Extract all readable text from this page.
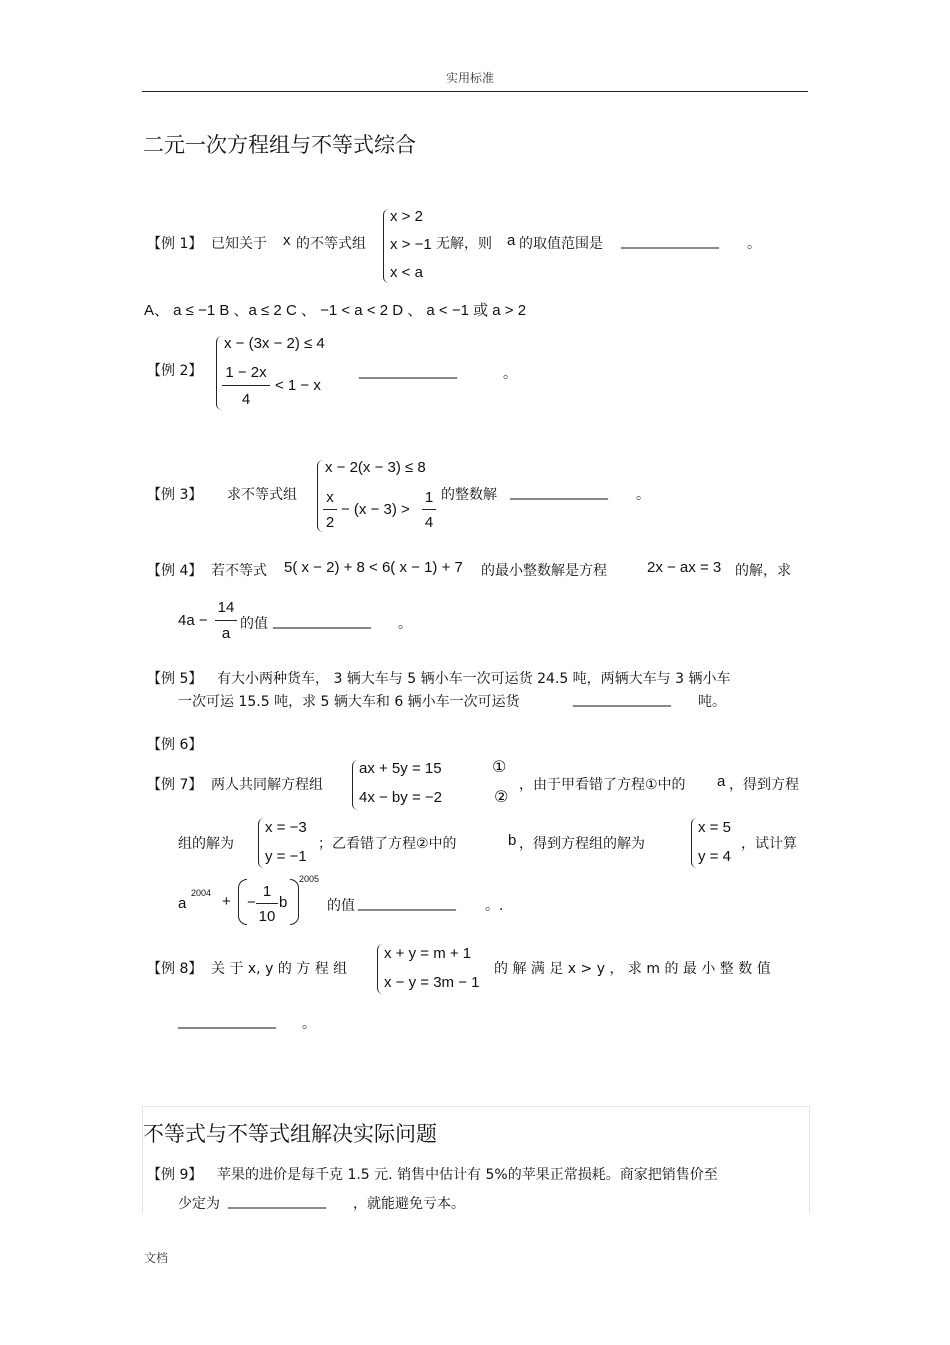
实用标准
二元一次方程组与不等式综合
【例 1】 已知关于 x 的不等式组
x > 2
x > −1
x < a
无解，则 a 的取值范围是 ______________ 。
A、 a ≤ −1 B 、a ≤ 2 C 、 −1 < a < 2 D 、 a < −1 或 a > 2
【例 2】
x − (3x − 2) ≤ 4
1 − 2x
4
< 1 − x
______________	。
【例 3】 求不等式组
x − 2(x − 3) ≤ 8
x
2
− (x − 3) >
1
4
的整数解 ______________ 。
【例 4】 若不等式 5( x − 2) + 8 < 6( x − 1) + 7 的最小整数解是方程	2x − ax = 3 的解，求
4a −
14
a
的值 ______________ 。
【例 5】 有大小两种货车， 3 辆大车与 5 辆小车一次可运货 24.5 吨，两辆大车与 3 辆小车
一次可运 15.5 吨，求 5 辆大车和 6 辆小车一次可运货	______________ 吨。
【例 6】
【例 7】 两人共同解方程组
ax + 5y = 15
4x − by = −2
①
②
，由于甲看错了方程①中的 a ，得到方程
组的解为
x = −3
y = −1
；乙看错了方程②中的	b ，得到方程组的解为
x = 5
y = 4
，试计算
a
2004 + −
1
10
b
2005
的值 ______________ 。.
【例 8】 关 于 x, y 的 方 程 组
x + y = m + 1
x − y = 3m − 1
的 解 满 足 x > y ， 求 m 的 最 小 整 数 值
______________ 。
不等式与不等式组解决实际问题
【例 9】 苹果的进价是每千克 1.5 元. 销售中估计有 5%的苹果正常损耗。商家把销售价至
少定为 ______________ ，就能避免亏本。
文档
